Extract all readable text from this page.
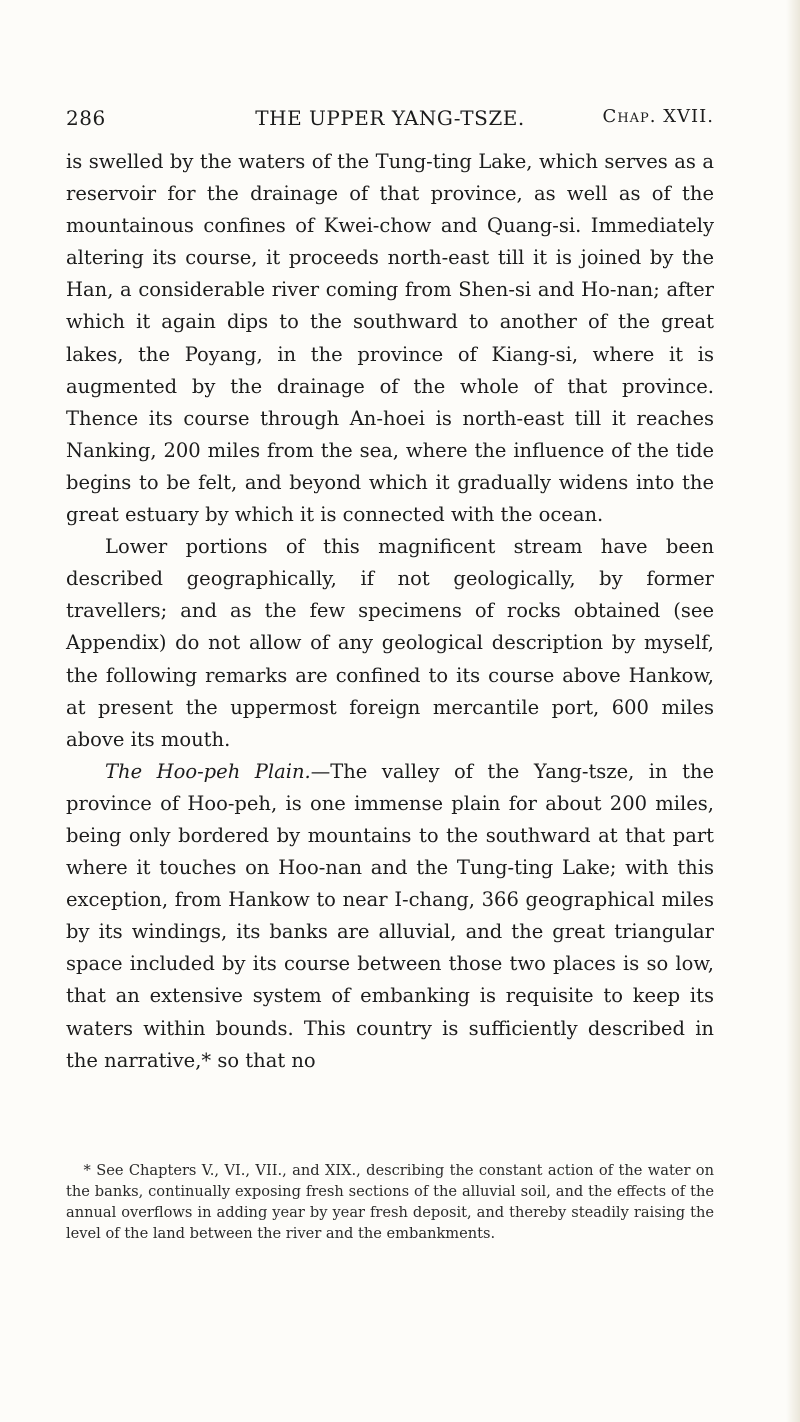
286	THE UPPER YANG-TSZE.	Chap. XVII.

is swelled by the waters of the Tung-ting Lake, which serves as a reservoir for the drainage of that province, as well as of the mountainous confines of Kwei-chow and Quang-si. Immediately altering its course, it proceeds north-east till it is joined by the Han, a considerable river coming from Shen-si and Ho-nan; after which it again dips to the southward to another of the great lakes, the Poyang, in the province of Kiang-si, where it is augmented by the drainage of the whole of that province. Thence its course through An-hoei is north-east till it reaches Nanking, 200 miles from the sea, where the influence of the tide begins to be felt, and beyond which it gradually widens into the great estuary by which it is connected with the ocean.

Lower portions of this magnificent stream have been described geographically, if not geologically, by former travellers; and as the few specimens of rocks obtained (see Appendix) do not allow of any geological description by myself, the following remarks are confined to its course above Hankow, at present the uppermost foreign mercantile port, 600 miles above its mouth.

The Hoo-peh Plain.—The valley of the Yang-tsze, in the province of Hoo-peh, is one immense plain for about 200 miles, being only bordered by mountains to the southward at that part where it touches on Hoo-nan and the Tung-ting Lake; with this exception, from Hankow to near I-chang, 366 geographical miles by its windings, its banks are alluvial, and the great triangular space included by its course between those two places is so low, that an extensive system of embanking is requisite to keep its waters within bounds. This country is sufficiently described in the narrative,* so that no

* See Chapters V., VI., VII., and XIX., describing the constant action of the water on the banks, continually exposing fresh sections of the alluvial soil, and the effects of the annual overflows in adding year by year fresh deposit, and thereby steadily raising the level of the land between the river and the embankments.
